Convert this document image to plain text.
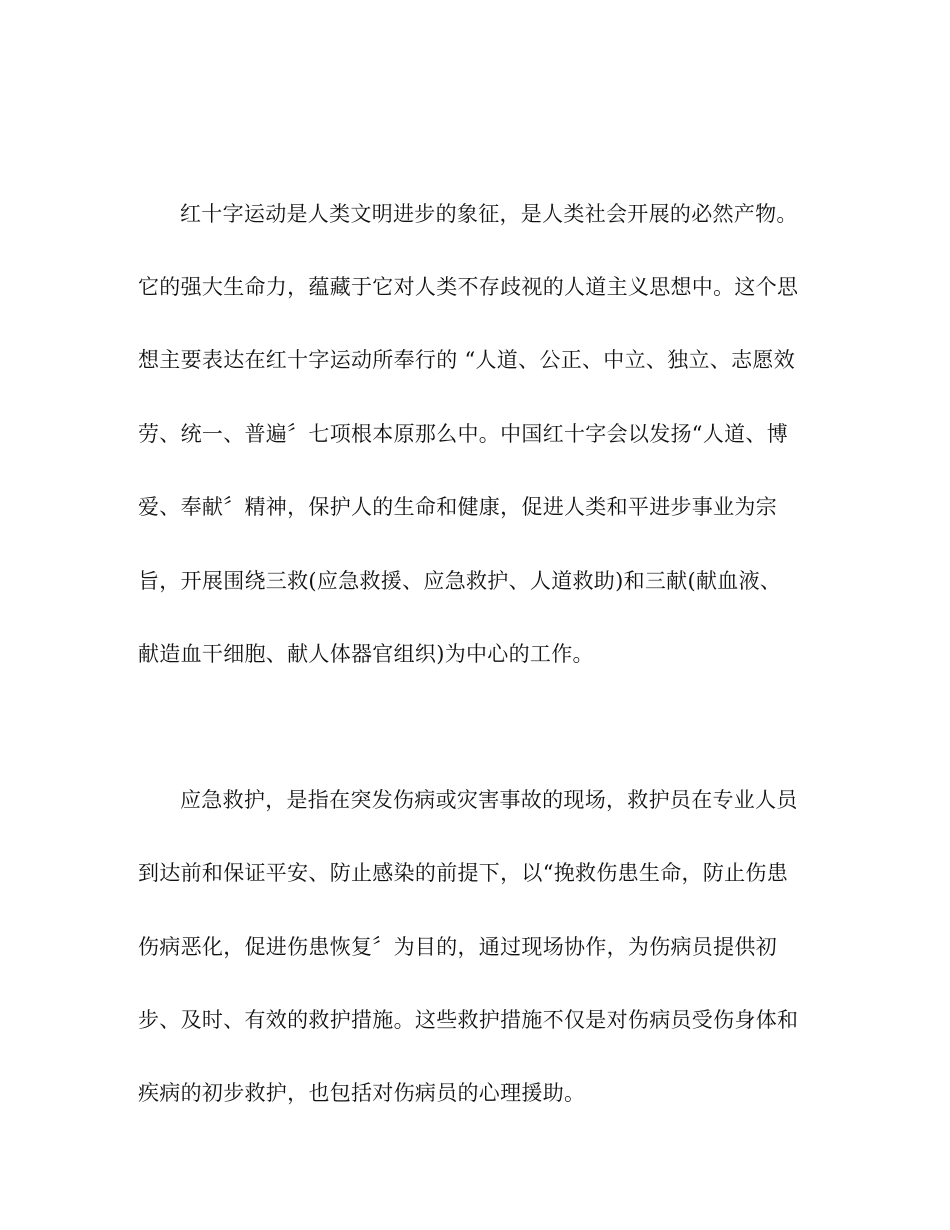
红十字运动是人类文明进步的象征，是人类社会开展的必然产物。
它的强大生命力，蕴藏于它对人类不存歧视的人道主义思想中。这个思
想主要表达在红十字运动所奉行的 “人道、公正、中立、独立、志愿效
劳、统一、普遍〞七项根本原那么中。中国红十字会以发扬“人道、博
爱、奉献〞精神，保护人的生命和健康，促进人类和平进步事业为宗
旨，开展围绕三救(应急救援、应急救护、人道救助)和三献(献血液、
献造血干细胞、献人体器官组织)为中心的工作。
应急救护，是指在突发伤病或灾害事故的现场，救护员在专业人员
到达前和保证平安、防止感染的前提下，以“挽救伤患生命，防止伤患
伤病恶化，促进伤患恢复〞为目的，通过现场协作，为伤病员提供初
步、及时、有效的救护措施。这些救护措施不仅是对伤病员受伤身体和
疾病的初步救护，也包括对伤病员的心理援助。
